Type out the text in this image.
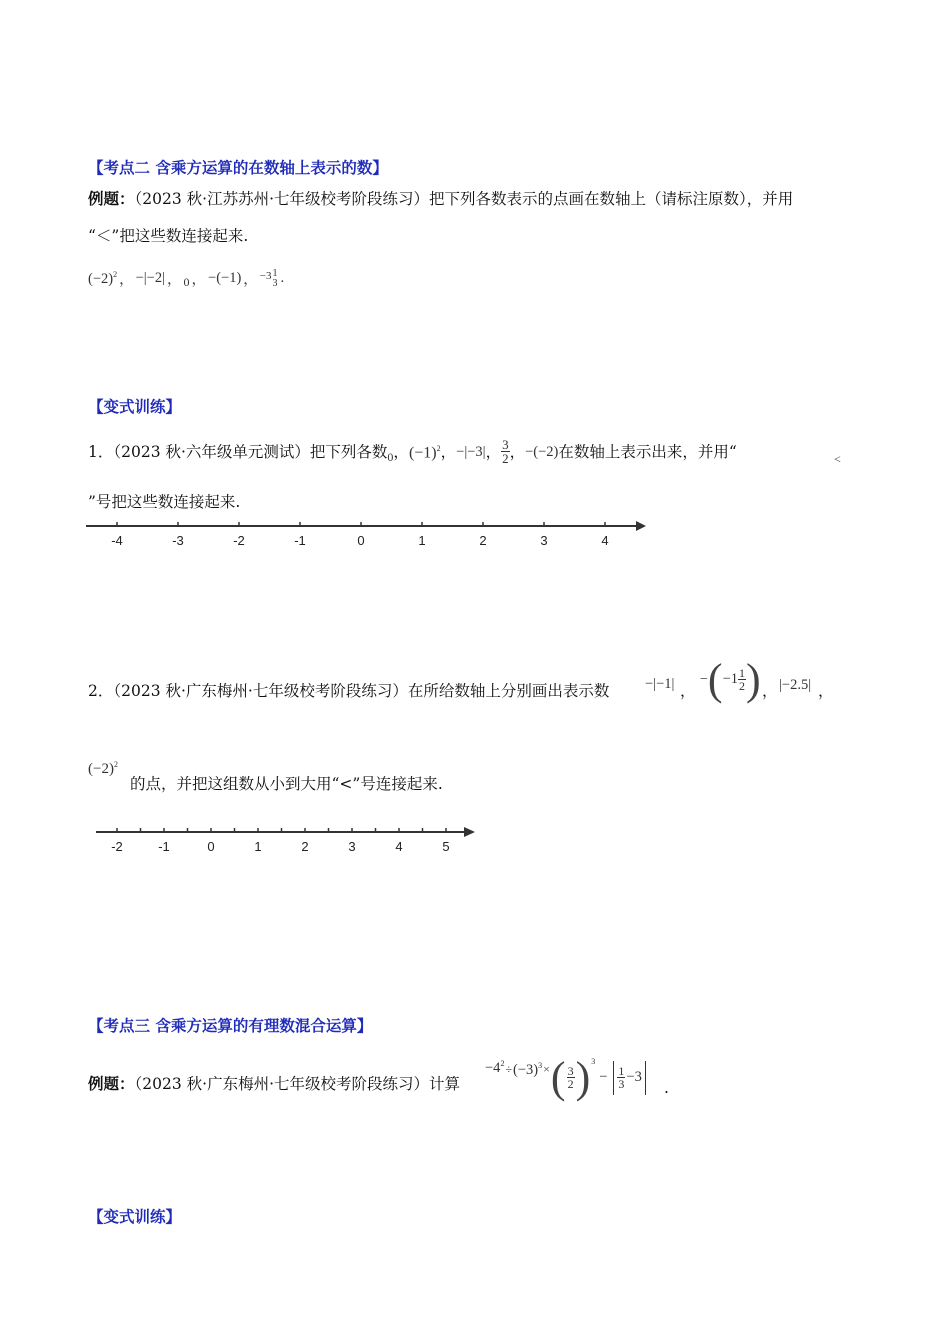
【考点二 含乘方运算的在数轴上表示的数】
例题：（2023 秋·江苏苏州·七年级校考阶段练习）把下列各数表示的点画在数轴上（请标注原数），并用
“＜”把这些数连接起来.
$(-2)^2$ ， −|−2| ， 0 ， −(−1) ， −3 1
3 .
【变式训练】
1．（2023 秋·六年级单元测试）把下列各数 0 ， $(-1)^2$ ， −|−3| ， $\frac{3}{2}$ ， −(−2) 在数轴上表示出来，并用“	<
”号把这些数连接起来.
-4	-3	-2	-1	0	1	2	3	4
2．（2023 秋·广东梅州·七年级校考阶段练习）在所给数轴上分别画出表示数 −|−1| ，
− ( $-1 \frac{1}{2}$ ) ， |−2.5| ，
$(-2)^2$
的点，并把这组数从小到大用“<”号连接起来.
-2	-1	0	1	2	3	4	5
【考点三 含乘方运算的有理数混合运算】
例题：（2023 秋·广东梅州·七年级校考阶段练习）计算
$-4^2 \div (-3)^3$ × ( $\frac{3}{2}$ ) 3
− $\frac{1}{3} -3$
.
【变式训练】
